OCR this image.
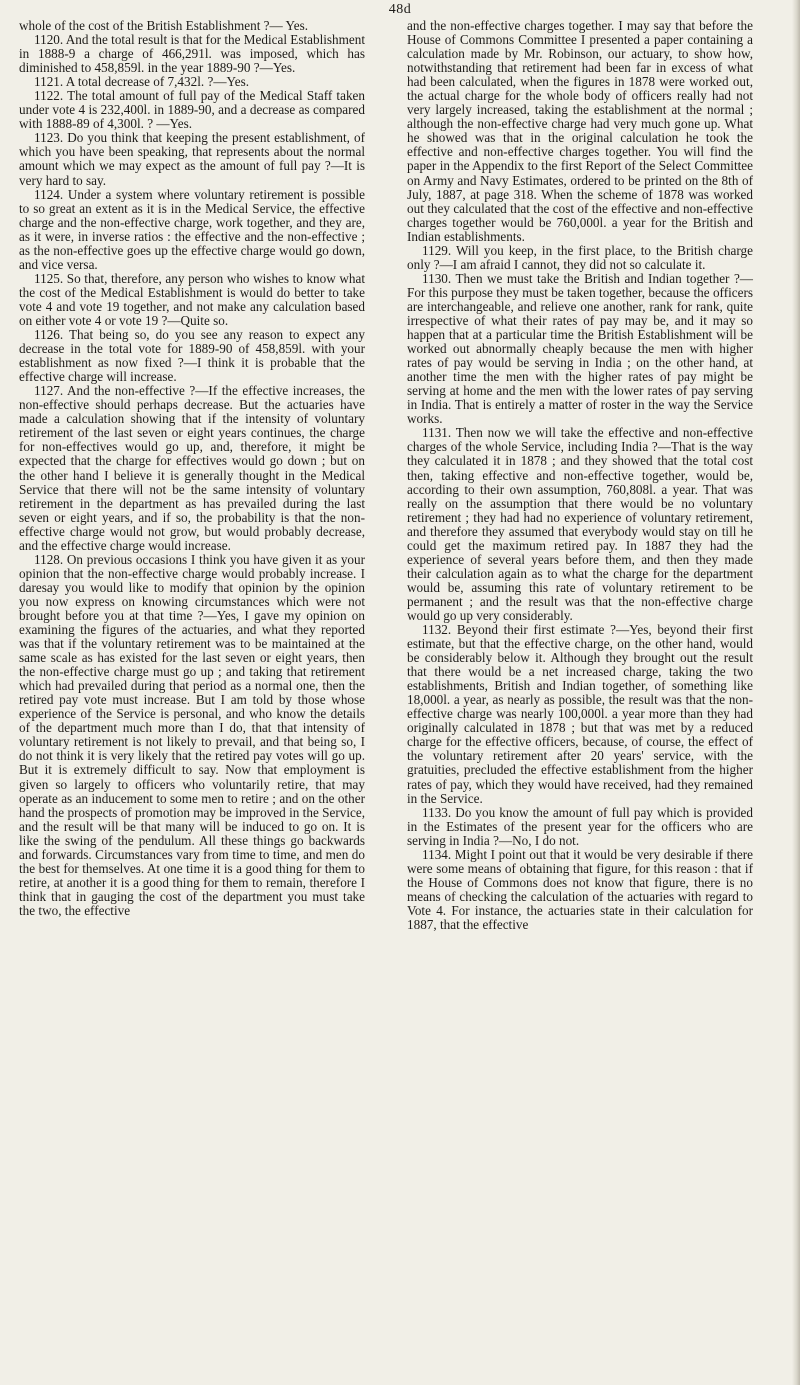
48d

whole of the cost of the British Establishment ?— Yes.

1120. And the total result is that for the Medical Establishment in 1888-9 a charge of 466,291l. was imposed, which has diminished to 458,859l. in the year 1889-90 ?—Yes.

1121. A total decrease of 7,432l. ?—Yes.

1122. The total amount of full pay of the Medical Staff taken under vote 4 is 232,400l. in 1889-90, and a decrease as compared with 1888-89 of 4,300l. ? —Yes.

1123. Do you think that keeping the present establishment, of which you have been speaking, that represents about the normal amount which we may expect as the amount of full pay ?—It is very hard to say.

1124. Under a system where voluntary retirement is possible to so great an extent as it is in the Medical Service, the effective charge and the non-effective charge, work together, and they are, as it were, in inverse ratios : the effective and the non-effective ; as the non-effective goes up the effective charge would go down, and vice versa.

1125. So that, therefore, any person who wishes to know what the cost of the Medical Establishment is would do better to take vote 4 and vote 19 together, and not make any calculation based on either vote 4 or vote 19 ?—Quite so.

1126. That being so, do you see any reason to expect any decrease in the total vote for 1889-90 of 458,859l. with your establishment as now fixed ?—I think it is probable that the effective charge will increase.

1127. And the non-effective ?—If the effective increases, the non-effective should perhaps decrease. But the actuaries have made a calculation showing that if the intensity of voluntary retirement of the last seven or eight years continues, the charge for non-effectives would go up, and, therefore, it might be expected that the charge for effectives would go down ; but on the other hand I believe it is generally thought in the Medical Service that there will not be the same intensity of voluntary retirement in the department as has prevailed during the last seven or eight years, and if so, the probability is that the non-effective charge would not grow, but would probably decrease, and the effective charge would increase.

1128. On previous occasions I think you have given it as your opinion that the non-effective charge would probably increase. I daresay you would like to modify that opinion by the opinion you now express on knowing circumstances which were not brought before you at that time ?—Yes, I gave my opinion on examining the figures of the actuaries, and what they reported was that if the voluntary retirement was to be maintained at the same scale as has existed for the last seven or eight years, then the non-effective charge must go up ; and taking that retirement which had prevailed during that period as a normal one, then the retired pay vote must increase. But I am told by those whose experience of the Service is personal, and who know the details of the department much more than I do, that that intensity of voluntary retirement is not likely to prevail, and that being so, I do not think it is very likely that the retired pay votes will go up. But it is extremely difficult to say. Now that employment is given so largely to officers who voluntarily retire, that may operate as an inducement to some men to retire ; and on the other hand the prospects of promotion may be improved in the Service, and the result will be that many will be induced to go on. It is like the swing of the pendulum. All these things go backwards and forwards. Circumstances vary from time to time, and men do the best for themselves. At one time it is a good thing for them to retire, at another it is a good thing for them to remain, therefore I think that in gauging the cost of the department you must take the two, the effective

and the non-effective charges together. I may say that before the House of Commons Committee I presented a paper containing a calculation made by Mr. Robinson, our actuary, to show how, notwithstanding that retirement had been far in excess of what had been calculated, when the figures in 1878 were worked out, the actual charge for the whole body of officers really had not very largely increased, taking the establishment at the normal ; although the non-effective charge had very much gone up. What he showed was that in the original calculation he took the effective and non-effective charges together. You will find the paper in the Appendix to the first Report of the Select Committee on Army and Navy Estimates, ordered to be printed on the 8th of July, 1887, at page 318. When the scheme of 1878 was worked out they calculated that the cost of the effective and non-effective charges together would be 760,000l. a year for the British and Indian establishments.

1129. Will you keep, in the first place, to the British charge only ?—I am afraid I cannot, they did not so calculate it.

1130. Then we must take the British and Indian together ?—For this purpose they must be taken together, because the officers are interchangeable, and relieve one another, rank for rank, quite irrespective of what their rates of pay may be, and it may so happen that at a particular time the British Establishment will be worked out abnormally cheaply because the men with higher rates of pay would be serving in India ; on the other hand, at another time the men with the higher rates of pay might be serving at home and the men with the lower rates of pay serving in India. That is entirely a matter of roster in the way the Service works.

1131. Then now we will take the effective and non-effective charges of the whole Service, including India ?—That is the way they calculated it in 1878 ; and they showed that the total cost then, taking effective and non-effective together, would be, according to their own assumption, 760,808l. a year. That was really on the assumption that there would be no voluntary retirement ; they had had no experience of voluntary retirement, and therefore they assumed that everybody would stay on till he could get the maximum retired pay. In 1887 they had the experience of several years before them, and then they made their calculation again as to what the charge for the department would be, assuming this rate of voluntary retirement to be permanent ; and the result was that the non-effective charge would go up very considerably.

1132. Beyond their first estimate ?—Yes, beyond their first estimate, but that the effective charge, on the other hand, would be considerably below it. Although they brought out the result that there would be a net increased charge, taking the two establishments, British and Indian together, of something like 18,000l. a year, as nearly as possible, the result was that the non-effective charge was nearly 100,000l. a year more than they had originally calculated in 1878 ; but that was met by a reduced charge for the effective officers, because, of course, the effect of the voluntary retirement after 20 years' service, with the gratuities, precluded the effective establishment from the higher rates of pay, which they would have received, had they remained in the Service.

1133. Do you know the amount of full pay which is provided in the Estimates of the present year for the officers who are serving in India ?—No, I do not.

1134. Might I point out that it would be very desirable if there were some means of obtaining that figure, for this reason : that if the House of Commons does not know that figure, there is no means of checking the calculation of the actuaries with regard to Vote 4. For instance, the actuaries state in their calculation for 1887, that the effective
